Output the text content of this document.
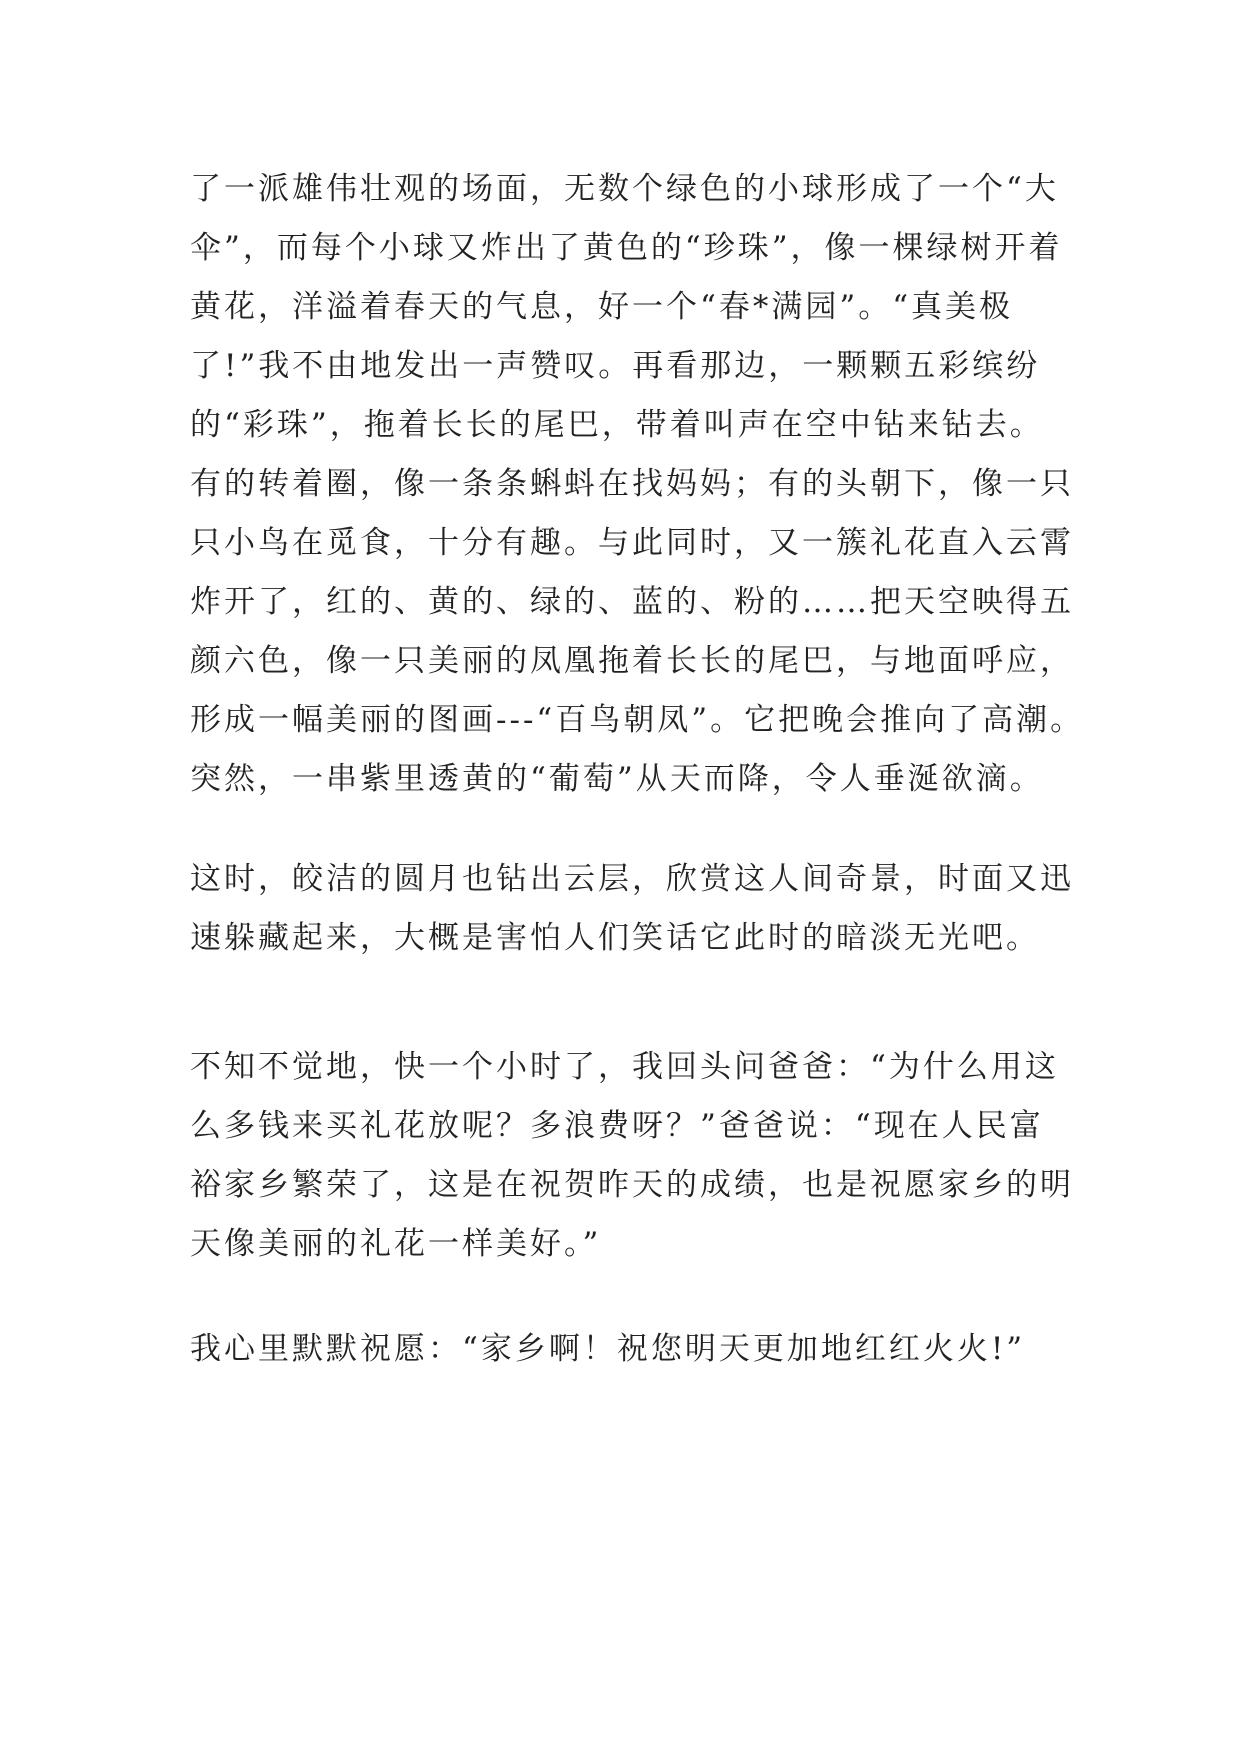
了一派雄伟壮观的场面，无数个绿色的小球形成了一个“大
伞”，而每个小球又炸出了黄色的“珍珠”，像一棵绿树开着
黄花，洋溢着春天的气息，好一个“春*满园”。“真美极
了!”我不由地发出一声赞叹。再看那边，一颗颗五彩缤纷
的“彩珠”，拖着长长的尾巴，带着叫声在空中钻来钻去。
有的转着圈，像一条条蝌蚪在找妈妈；有的头朝下，像一只
只小鸟在觅食，十分有趣。与此同时，又一簇礼花直入云霄
炸开了，红的、黄的、绿的、蓝的、粉的……把天空映得五
颜六色，像一只美丽的凤凰拖着长长的尾巴，与地面呼应，
形成一幅美丽的图画---“百鸟朝凤”。它把晚会推向了高潮。
突然，一串紫里透黄的“葡萄”从天而降，令人垂涎欲滴。
这时，皎洁的圆月也钻出云层，欣赏这人间奇景，时面又迅
速躲藏起来，大概是害怕人们笑话它此时的暗淡无光吧。
不知不觉地，快一个小时了，我回头问爸爸：“为什么用这
么多钱来买礼花放呢？多浪费呀？”爸爸说：“现在人民富
裕家乡繁荣了，这是在祝贺昨天的成绩，也是祝愿家乡的明
天像美丽的礼花一样美好。”
我心里默默祝愿：“家乡啊！祝您明天更加地红红火火!”
